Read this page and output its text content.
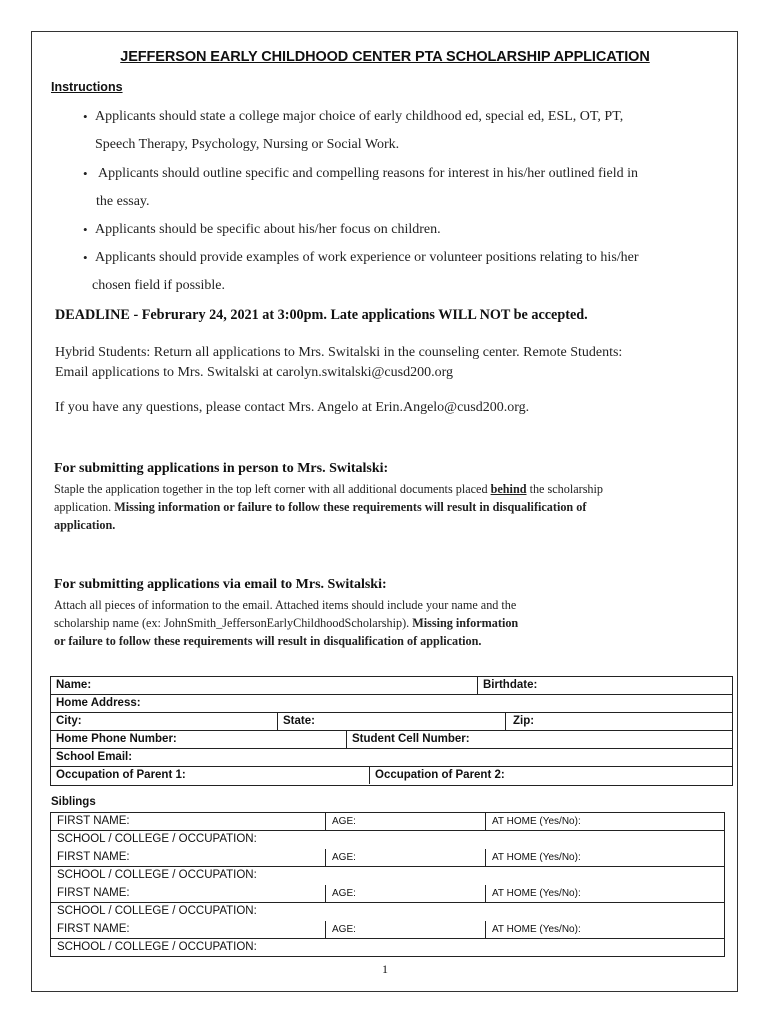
JEFFERSON EARLY CHILDHOOD CENTER PTA SCHOLARSHIP APPLICATION
Instructions
• Applicants should state a college major choice of early childhood ed, special ed, ESL, OT, PT,
Speech Therapy, Psychology, Nursing or Social Work.
• Applicants should outline specific and compelling reasons for interest in his/her outlined field in
the essay.
• Applicants should be specific about his/her focus on children.
• Applicants should provide examples of work experience or volunteer positions relating to his/her
chosen field if possible.
DEADLINE - Februrary 24, 2021 at 3:00pm. Late applications WILL NOT be accepted.
Hybrid Students: Return all applications to Mrs. Switalski in the counseling center. Remote Students:
Email applications to Mrs. Switalski at carolyn.switalski@cusd200.org
If you have any questions, please contact Mrs. Angelo at Erin.Angelo@cusd200.org.
For submitting applications in person to Mrs. Switalski:
Staple the application together in the top left corner with all additional documents placed behind the scholarship
application. Missing information or failure to follow these requirements will result in disqualification of
application.
For submitting applications via email to Mrs. Switalski:
Attach all pieces of information to the email. Attached items should include your name and the
scholarship name (ex: JohnSmith_JeffersonEarlyChildhoodScholarship). Missing information
or failure to follow these requirements will result in disqualification of application.
Name:	Birthdate:
Home Address:
City:	State:	Zip:
Home Phone Number:	Student Cell Number:
School Email:
Occupation of Parent 1:	Occupation of Parent 2:
Siblings
FIRST NAME:	AGE:	AT HOME (Yes/No):
SCHOOL / COLLEGE / OCCUPATION:
FIRST NAME:	AGE:	AT HOME (Yes/No):
SCHOOL / COLLEGE / OCCUPATION:
FIRST NAME:	AGE:	AT HOME (Yes/No):
SCHOOL / COLLEGE / OCCUPATION:
FIRST NAME:	AGE:	AT HOME (Yes/No):
SCHOOL / COLLEGE / OCCUPATION:
1
